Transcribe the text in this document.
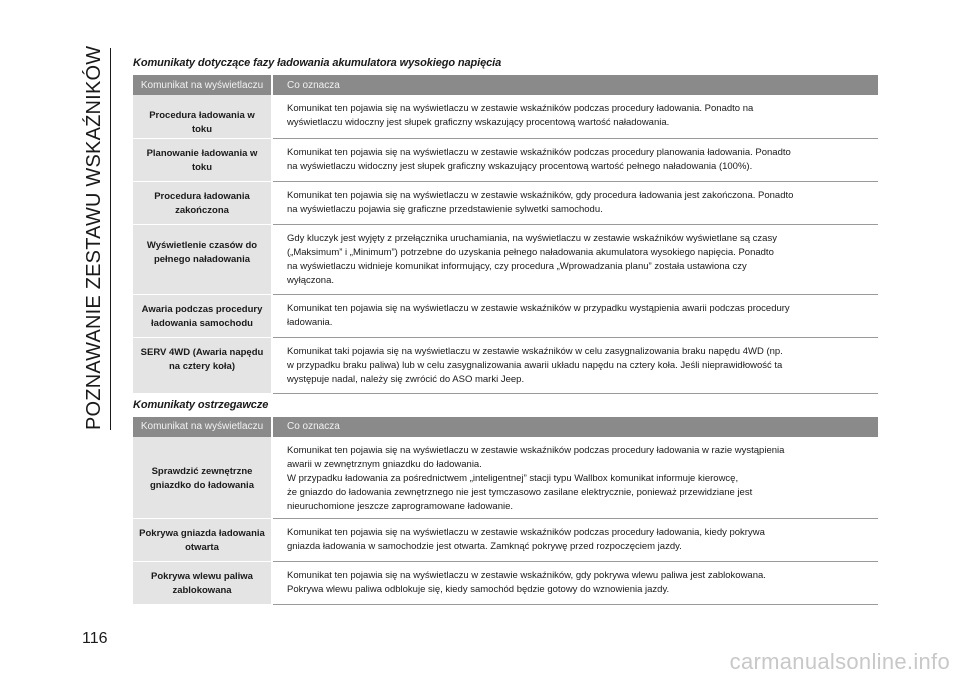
POZNAWANIE ZESTAWU WSKAŹNIKÓW	Komunikaty dotyczące fazy ładowania akumulatora wysokiego napięcia
Komunikat na wyświetlaczu	Co oznacza
Procedura ładowania w toku	Komunikat ten pojawia się na wyświetlaczu w zestawie wskaźników podczas procedury ładowania. Ponadto na
wyświetlaczu widoczny jest słupek graficzny wskazujący procentową wartość naładowania.
Planowanie ładowania w toku	Komunikat ten pojawia się na wyświetlaczu w zestawie wskaźników podczas procedury planowania ładowania. Ponadto
na wyświetlaczu widoczny jest słupek graficzny wskazujący procentową wartość pełnego naładowania (100%).
Procedura ładowania zakończona	Komunikat ten pojawia się na wyświetlaczu w zestawie wskaźników, gdy procedura ładowania jest zakończona. Ponadto
na wyświetlaczu pojawia się graficzne przedstawienie sylwetki samochodu.
Wyświetlenie czasów do pełnego naładowania	Gdy kluczyk jest wyjęty z przełącznika uruchamiania, na wyświetlaczu w zestawie wskaźników wyświetlane są czasy
(„Maksimum” i „Minimum”) potrzebne do uzyskania pełnego naładowania akumulatora wysokiego napięcia. Ponadto
na wyświetlaczu widnieje komunikat informujący, czy procedura „Wprowadzania planu” została ustawiona czy
wyłączona.
Awaria podczas procedury ładowania samochodu	Komunikat ten pojawia się na wyświetlaczu w zestawie wskaźników w przypadku wystąpienia awarii podczas procedury
ładowania.
SERV 4WD (Awaria napędu na cztery koła)	Komunikat taki pojawia się na wyświetlaczu w zestawie wskaźników w celu zasygnalizowania braku napędu 4WD (np.
w przypadku braku paliwa) lub w celu zasygnalizowania awarii układu napędu na cztery koła. Jeśli nieprawidłowość ta
występuje nadal, należy się zwrócić do ASO marki Jeep.
Komunikaty ostrzegawcze
Komunikat na wyświetlaczu	Co oznacza
Sprawdzić zewnętrzne gniazdko do ładowania	Komunikat ten pojawia się na wyświetlaczu w zestawie wskaźników podczas procedury ładowania w razie wystąpienia
awarii w zewnętrznym gniazdku do ładowania.
W przypadku ładowania za pośrednictwem „inteligentnej” stacji typu Wallbox komunikat informuje kierowcę,
że gniazdo do ładowania zewnętrznego nie jest tymczasowo zasilane elektrycznie, ponieważ przewidziane jest
nieuruchomione jeszcze zaprogramowane ładowanie.
Pokrywa gniazda ładowania otwarta	Komunikat ten pojawia się na wyświetlaczu w zestawie wskaźników podczas procedury ładowania, kiedy pokrywa
gniazda ładowania w samochodzie jest otwarta. Zamknąć pokrywę przed rozpoczęciem jazdy.
Pokrywa wlewu paliwa zablokowana	Komunikat ten pojawia się na wyświetlaczu w zestawie wskaźników, gdy pokrywa wlewu paliwa jest zablokowana.
Pokrywa wlewu paliwa odblokuje się, kiedy samochód będzie gotowy do wznowienia jazdy.
116
carmanualsonline.info
